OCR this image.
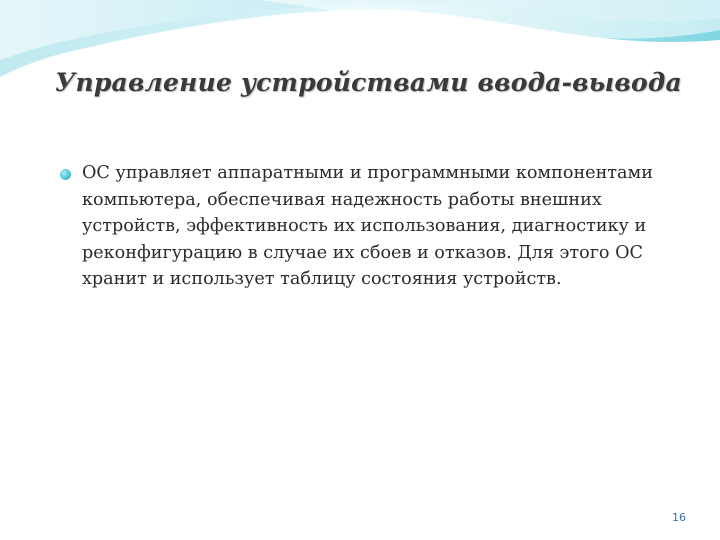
Управление устройствами ввода-вывода

ОС управляет аппаратными и программными компонентами компьютера, обеспечивая надежность работы внешних устройств, эффективность их использования, диагностику и реконфигурацию в случае их сбоев и отказов. Для этого ОС хранит и использует таблицу состояния устройств.

16
